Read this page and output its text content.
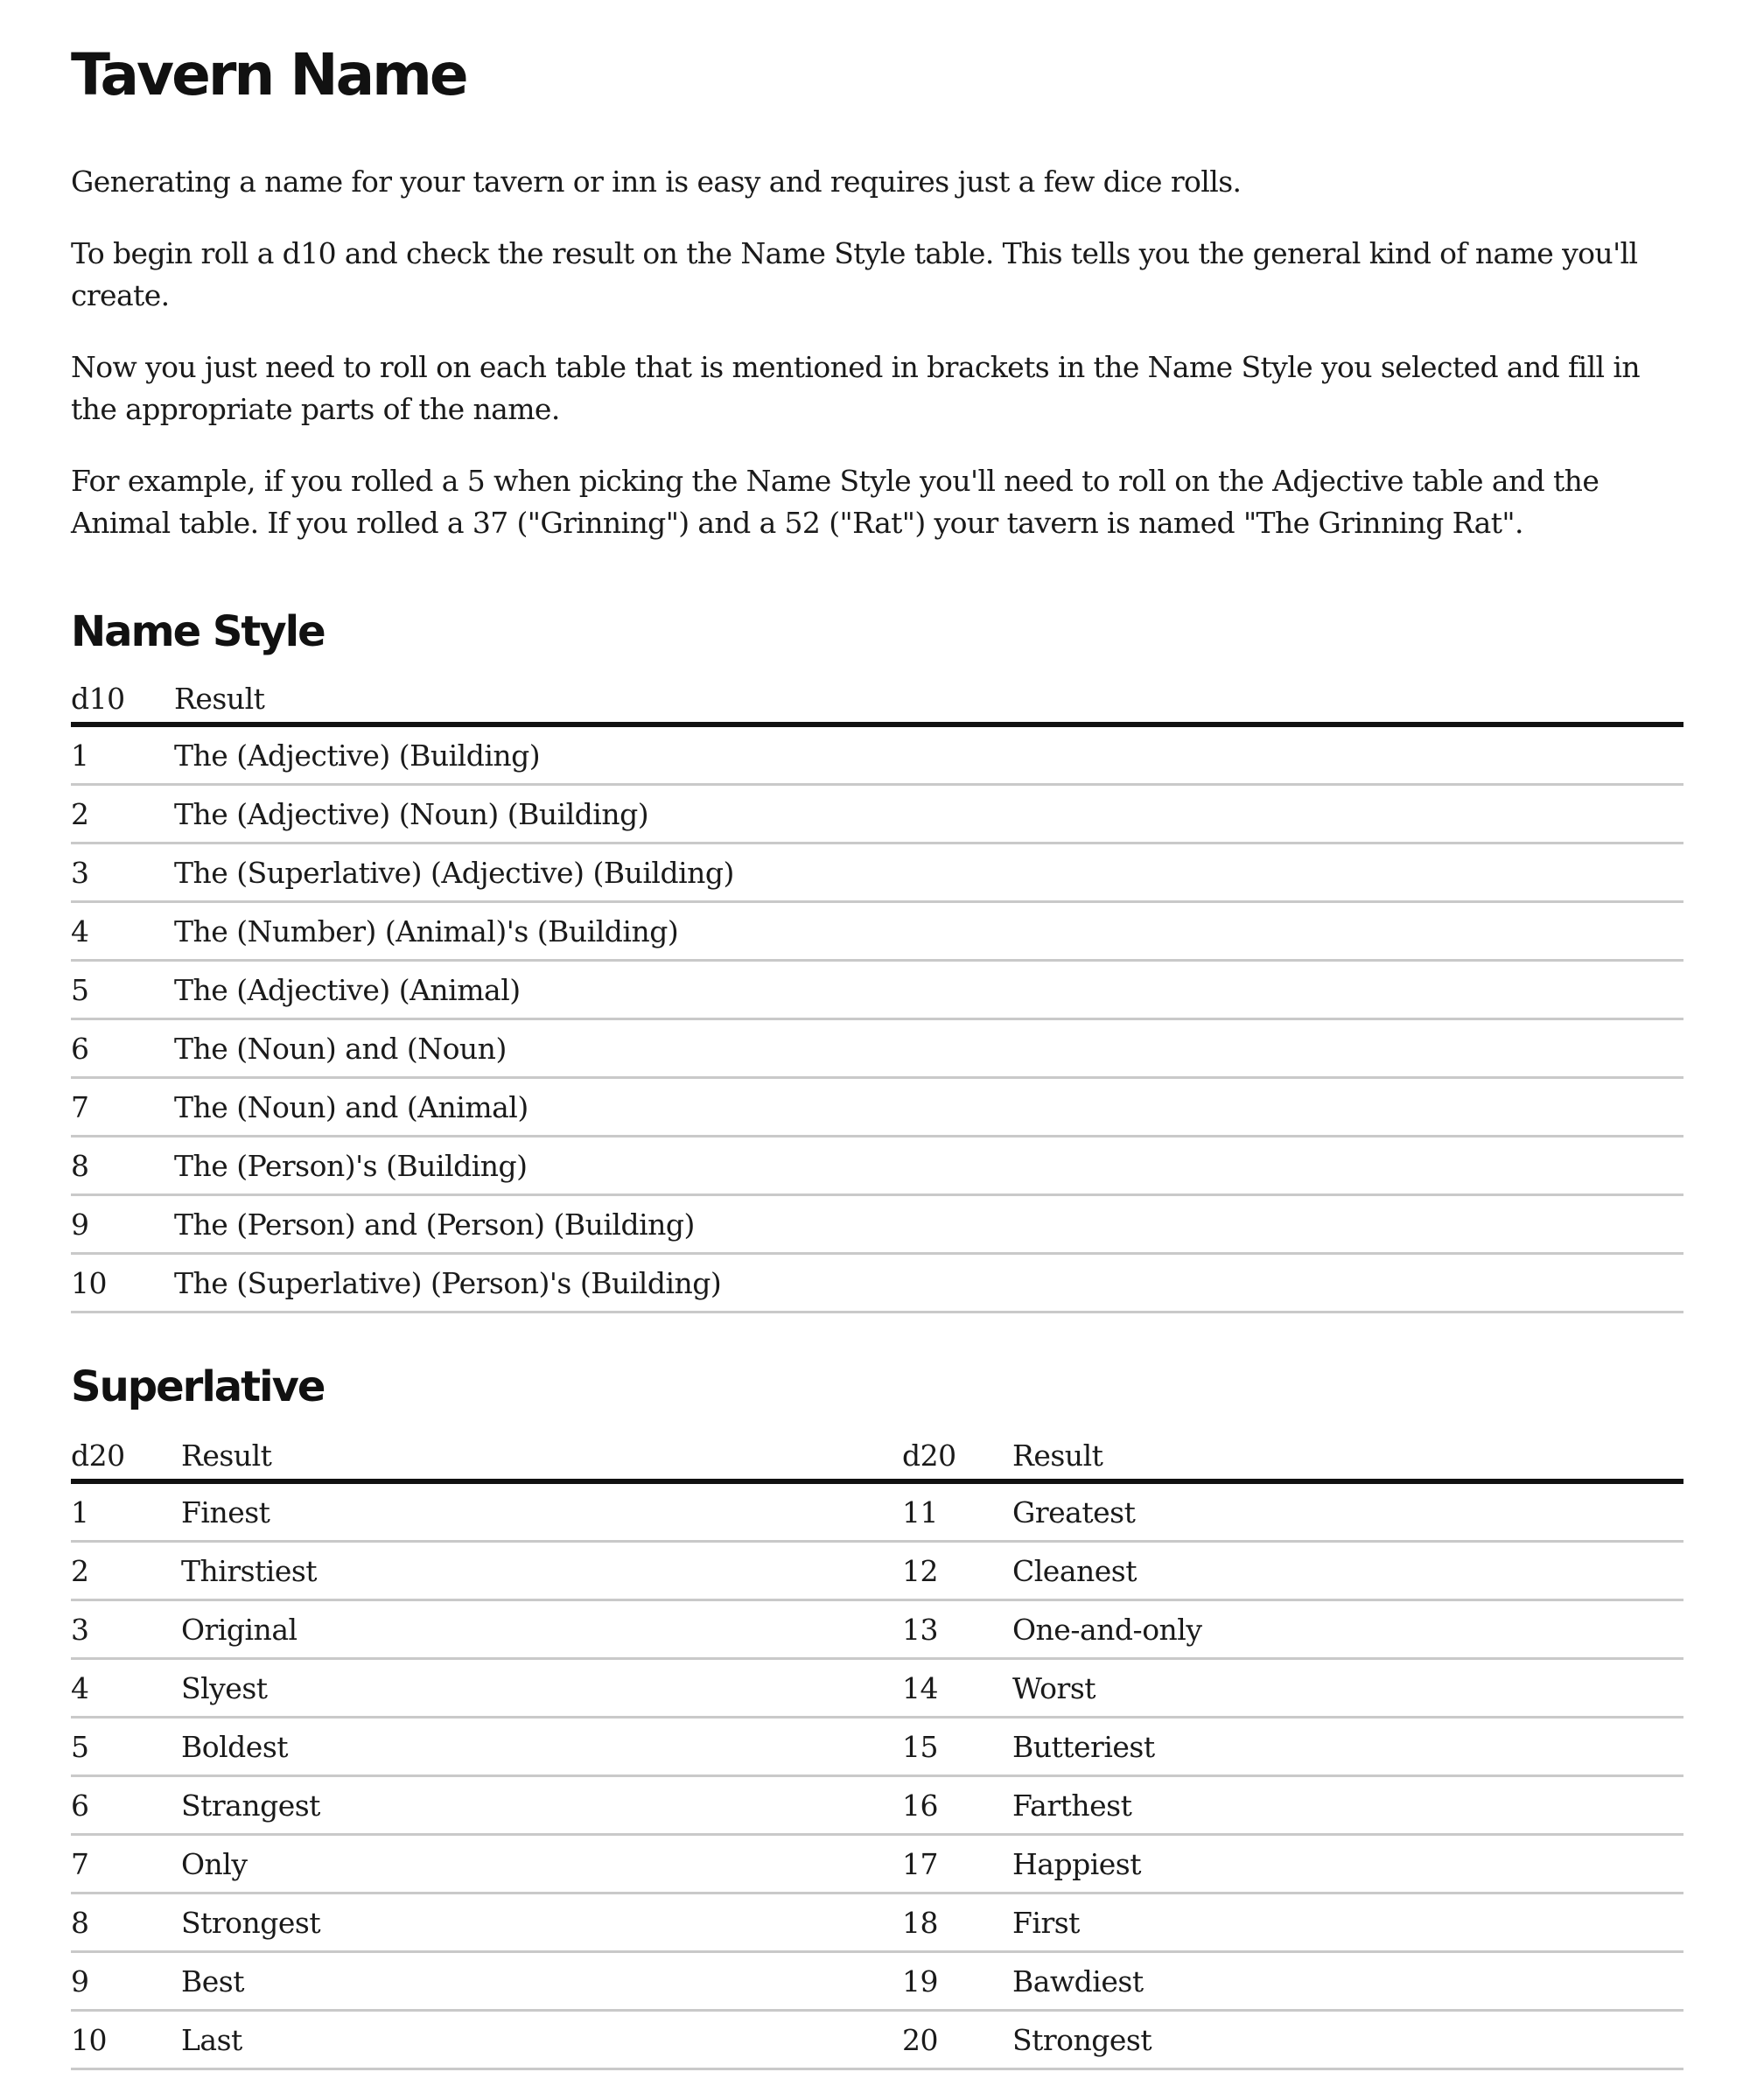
Tavern Name

Generating a name for your tavern or inn is easy and requires just a few dice rolls.

To begin roll a d10 and check the result on the Name Style table. This tells you the general kind of name you'll create.

Now you just need to roll on each table that is mentioned in brackets in the Name Style you selected and fill in the appropriate parts of the name.

For example, if you rolled a 5 when picking the Name Style you'll need to roll on the Adjective table and the Animal table. If you rolled a 37 ("Grinning") and a 52 ("Rat") your tavern is named "The Grinning Rat".

Name Style
d10	Result
1	The (Adjective) (Building)
2	The (Adjective) (Noun) (Building)
3	The (Superlative) (Adjective) (Building)
4	The (Number) (Animal)'s (Building)
5	The (Adjective) (Animal)
6	The (Noun) and (Noun)
7	The (Noun) and (Animal)
8	The (Person)'s (Building)
9	The (Person) and (Person) (Building)
10	The (Superlative) (Person)'s (Building)
Superlative
d20	Result	d20	Result
1	Finest	11	Greatest
2	Thirstiest	12	Cleanest
3	Original	13	One-and-only
4	Slyest	14	Worst
5	Boldest	15	Butteriest
6	Strangest	16	Farthest
7	Only	17	Happiest
8	Strongest	18	First
9	Best	19	Bawdiest
10	Last	20	Strongest
